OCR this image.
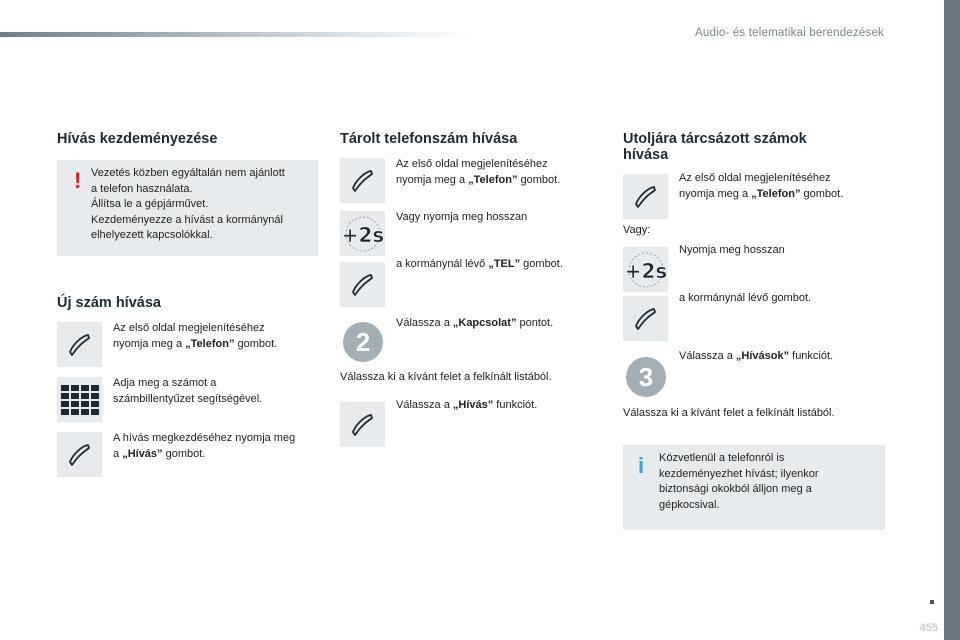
Audio- és telematikai berendezések
455
Hívás kezdeményezése
! Vezetés közben egyáltalán nem ajánlott
a telefon használata.
Állítsa le a gépjárművet.
Kezdeményezze a hívást a kormánynál
elhelyezett kapcsolókkal.
Új szám hívása
Az első oldal megjelenítéséhez
nyomja meg a „Telefon” gombot.
Adja meg a számot a
számbillentyűzet segítségével.
A hívás megkezdéséhez nyomja meg
a „Hívás” gombot.
Tárolt telefonszám hívása
Az első oldal megjelenítéséhez
nyomja meg a „Telefon” gombot.
+2s
Vagy nyomja meg hosszan
a kormánynál lévő „TEL” gombot.
2
Válassza a „Kapcsolat” pontot.
Válassza ki a kívánt felet a felkínált listából.
Válassza a „Hívás” funkciót.
Utoljára tárcsázott számok
hívása
Az első oldal megjelenítéséhez
nyomja meg a „Telefon” gombot.
Vagy:
+2s
Nyomja meg hosszan
a kormánynál lévő gombot.
3
Válassza a „Hívások” funkciót.
Válassza ki a kívánt felet a felkínált listából.
i Közvetlenül a telefonról is
kezdeményezhet hívást; ilyenkor
biztonsági okokból álljon meg a
gépkocsival.
